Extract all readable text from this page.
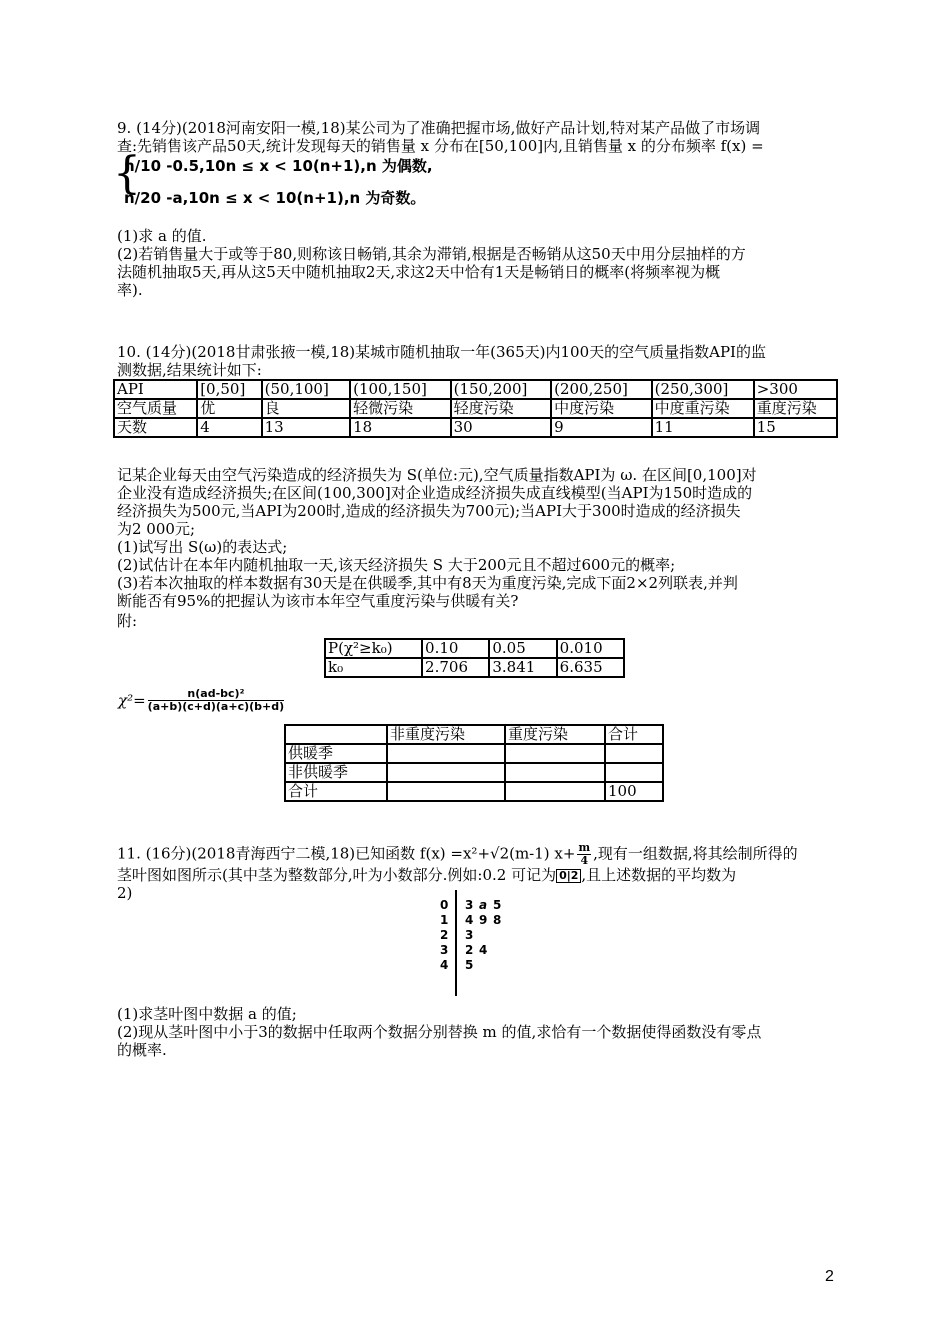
9. (14分)(2018河南安阳一模,18)某公司为了准确把握市场,做好产品计划,特对某产品做了市场调
查:先销售该产品50天,统计发现每天的销售量 x 分布在[50,100]内,且销售量 x 的分布频率 f(x) =
{
n/10 -0.5,10n ≤ x < 10(n+1),n 为偶数,
n/20 -a,10n ≤ x < 10(n+1),n 为奇数。
(1)求 a 的值.
(2)若销售量大于或等于80,则称该日畅销,其余为滞销,根据是否畅销从这50天中用分层抽样的方
法随机抽取5天,再从这5天中随机抽取2天,求这2天中恰有1天是畅销日的概率(将频率视为概
率).
10. (14分)(2018甘肃张掖一模,18)某城市随机抽取一年(365天)内100天的空气质量指数API的监
测数据,结果统计如下:
API	[0,50]	(50,100]	(100,150]	(150,200]	(200,250]	(250,300]	>300
空气质量	优	良	轻微污染	轻度污染	中度污染	中度重污染	重度污染
天数	4	13	18	30	9	11	15
记某企业每天由空气污染造成的经济损失为 S(单位:元),空气质量指数API为 ω. 在区间[0,100]对
企业没有造成经济损失;在区间(100,300]对企业造成经济损失成直线模型(当API为150时造成的
经济损失为500元,当API为200时,造成的经济损失为700元);当API大于300时造成的经济损失
为2 000元;
(1)试写出 S(ω)的表达式;
(2)试估计在本年内随机抽取一天,该天经济损失 S 大于200元且不超过600元的概率;
(3)若本次抽取的样本数据有30天是在供暖季,其中有8天为重度污染,完成下面2×2列联表,并判
断能否有95%的把握认为该市本年空气重度污染与供暖有关?
附:
P(χ²≥k₀)	0.10	0.05	0.010
k₀	2.706	3.841	6.635
$\chi^2= \frac{\text{n(ad-bc)²}}{(a+b)(c+d)(a+c)(b+d)}$
	非重度污染	重度污染	合计
供暖季			
非供暖季			
合计			100
11. (16分)(2018青海西宁二模,18)已知函数 f(x) =x²+√2(m-1) $x+ \frac{m}{4}$ ,现有一组数据,将其绘制所得的
茎叶图如图所示(其中茎为整数部分,叶为小数部分.例如:0.2 可记为 0|2 ,且上述数据的平均数为
2)
0 3 a 5
1 4 9 8
2 3
3 2 4
4 5
(1)求茎叶图中数据 a 的值;
(2)现从茎叶图中小于3的数据中任取两个数据分别替换 m 的值,求恰有一个数据使得函数没有零点
的概率.
2
